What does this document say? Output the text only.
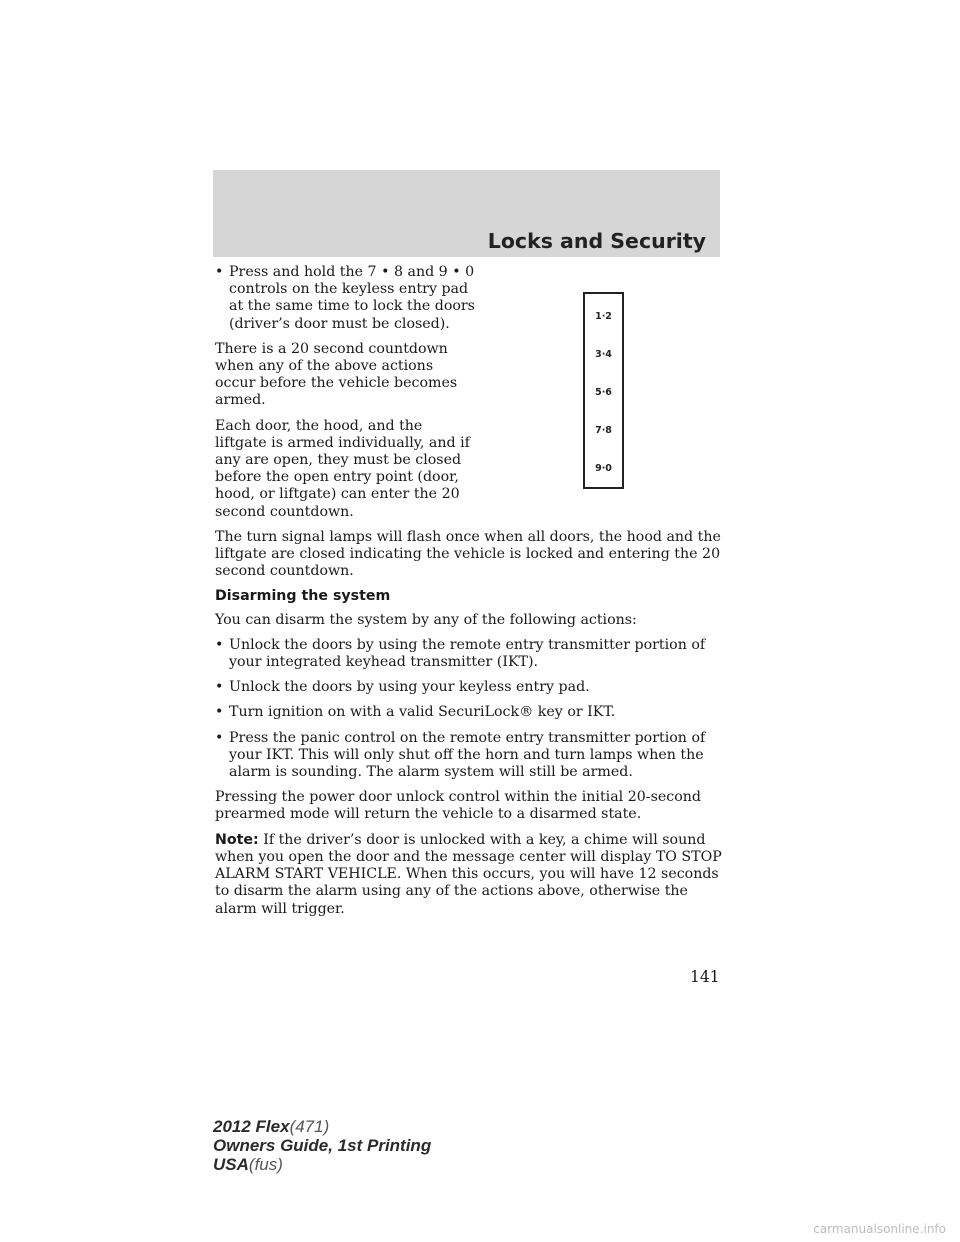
Locks and Security
1·2
3·4
5·6
7·8
9·0
• Press and hold the 7 • 8 and 9 • 0 controls on the keyless entry pad at the same time to lock the doors (driver’s door must be closed).

There is a 20 second countdown when any of the above actions occur before the vehicle becomes armed.

Each door, the hood, and the liftgate is armed individually, and if any are open, they must be closed before the open entry point (door, hood, or liftgate) can enter the 20 second countdown.

The turn signal lamps will flash once when all doors, the hood and the liftgate are closed indicating the vehicle is locked and entering the 20 second countdown.

Disarming the system

You can disarm the system by any of the following actions:

• Unlock the doors by using the remote entry transmitter portion of your integrated keyhead transmitter (IKT).
• Unlock the doors by using your keyless entry pad.
• Turn ignition on with a valid SecuriLock® key or IKT.
• Press the panic control on the remote entry transmitter portion of your IKT. This will only shut off the horn and turn lamps when the alarm is sounding. The alarm system will still be armed.

Pressing the power door unlock control within the initial 20-second prearmed mode will return the vehicle to a disarmed state.

Note: If the driver’s door is unlocked with a key, a chime will sound when you open the door and the message center will display TO STOP ALARM START VEHICLE. When this occurs, you will have 12 seconds to disarm the alarm using any of the actions above, otherwise the alarm will trigger.

141
2012 Flex(471)
Owners Guide, 1st Printing
USA(fus)
carmanualsonline.info
